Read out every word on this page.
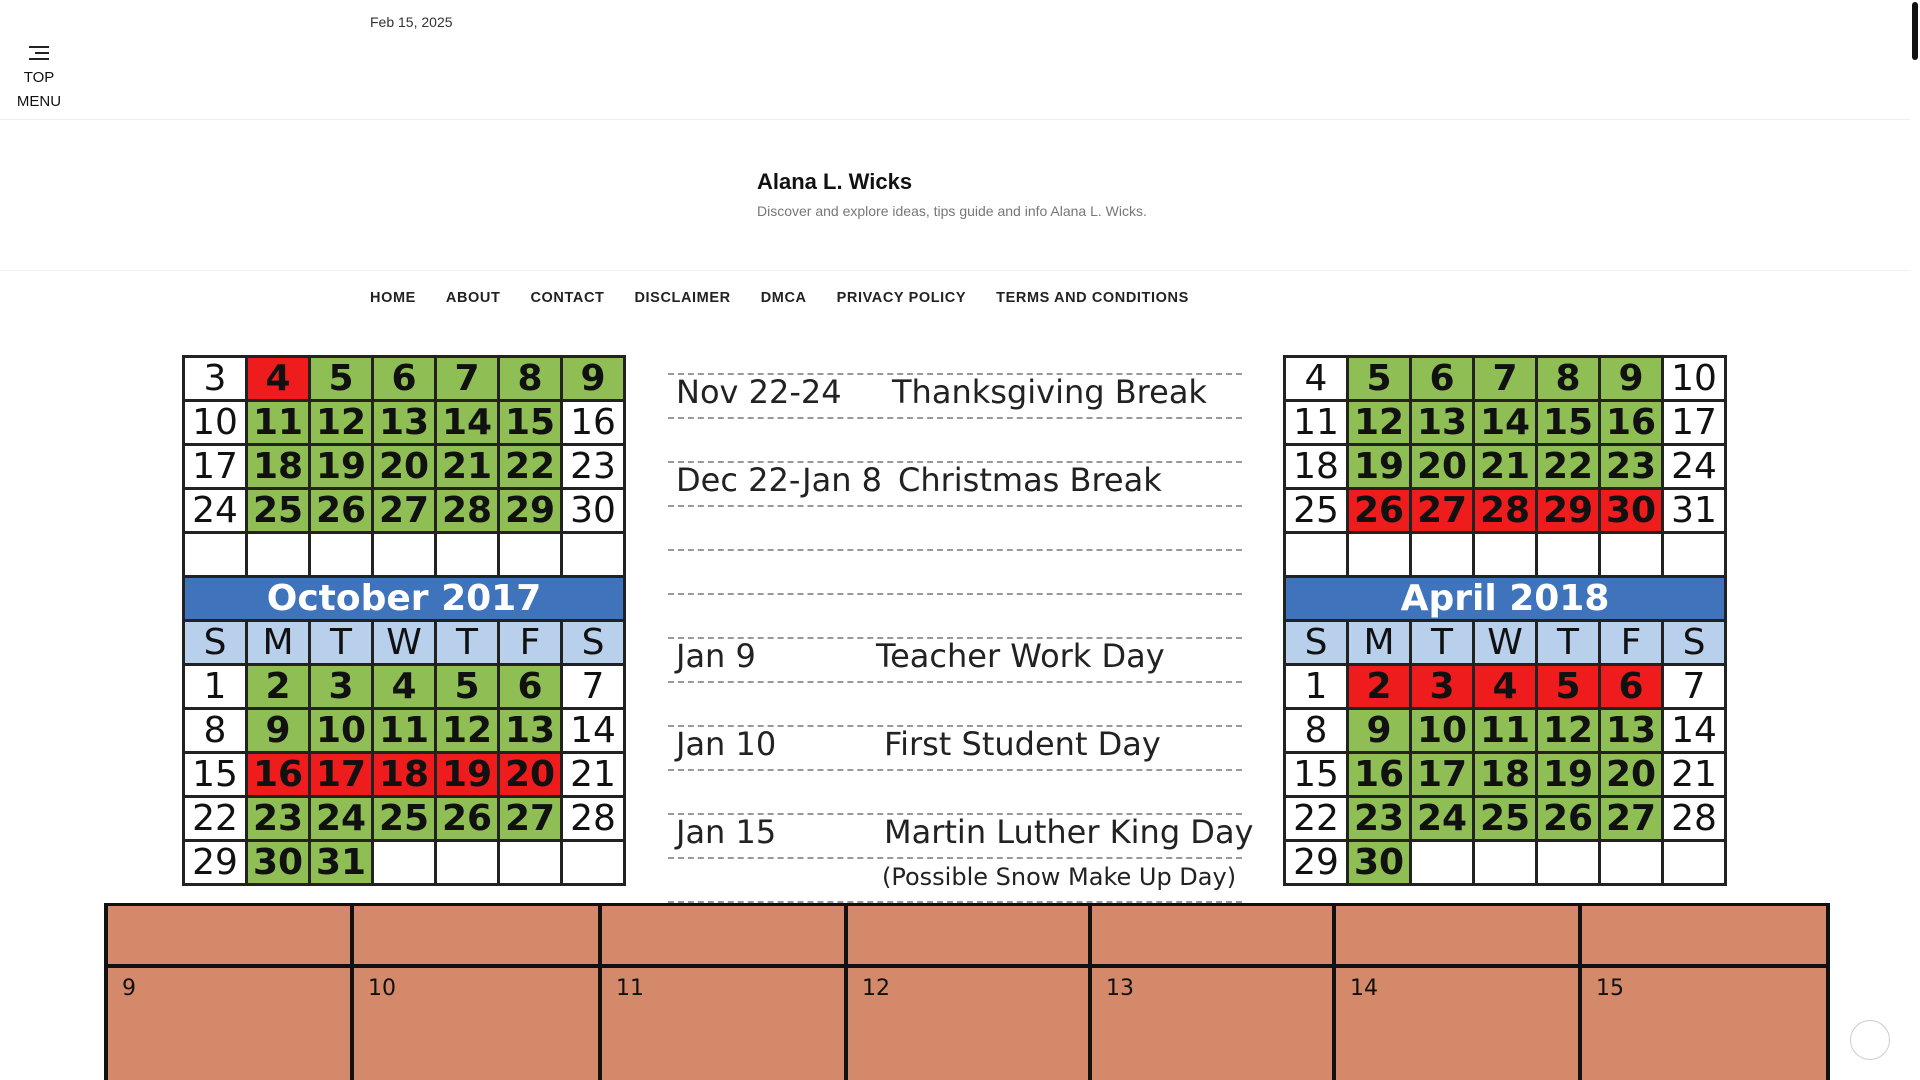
Feb 15, 2025
TOP
MENU
Alana L. Wicks

Discover and explore ideas, tips guide and info Alana L. Wicks.

HOME ABOUT CONTACT DISCLAIMER DMCA PRIVACY POLICY TERMS AND CONDITIONS
3	4	5	6	7	8	9
10	11	12	13	14	15	16
17	18	19	20	21	22	23
24	25	26	27	28	29	30

October 2017						
S	M	T	W	T	F	S
1	2	3	4	5	6	7
8	9	10	11	12	13	14
15	16	17	18	19	20	21
22	23	24	25	26	27	28
29	30	31				
4	5	6	7	8	9	10
11	12	13	14	15	16	17
18	19	20	21	22	23	24
25	26	27	28	29	30	31

April 2018						
S	M	T	W	T	F	S
1	2	3	4	5	6	7
8	9	10	11	12	13	14
15	16	17	18	19	20	21
22	23	24	25	26	27	28
29	30					
Nov 22-24 Thanksgiving Break
Dec 22-Jan 8 Christmas Break
Jan 9	Teacher Work Day
Jan 10	First Student Day
Jan 15	Martin Luther King Day
(Possible Snow Make Up Day)
9	10	11	12	13	14	15
